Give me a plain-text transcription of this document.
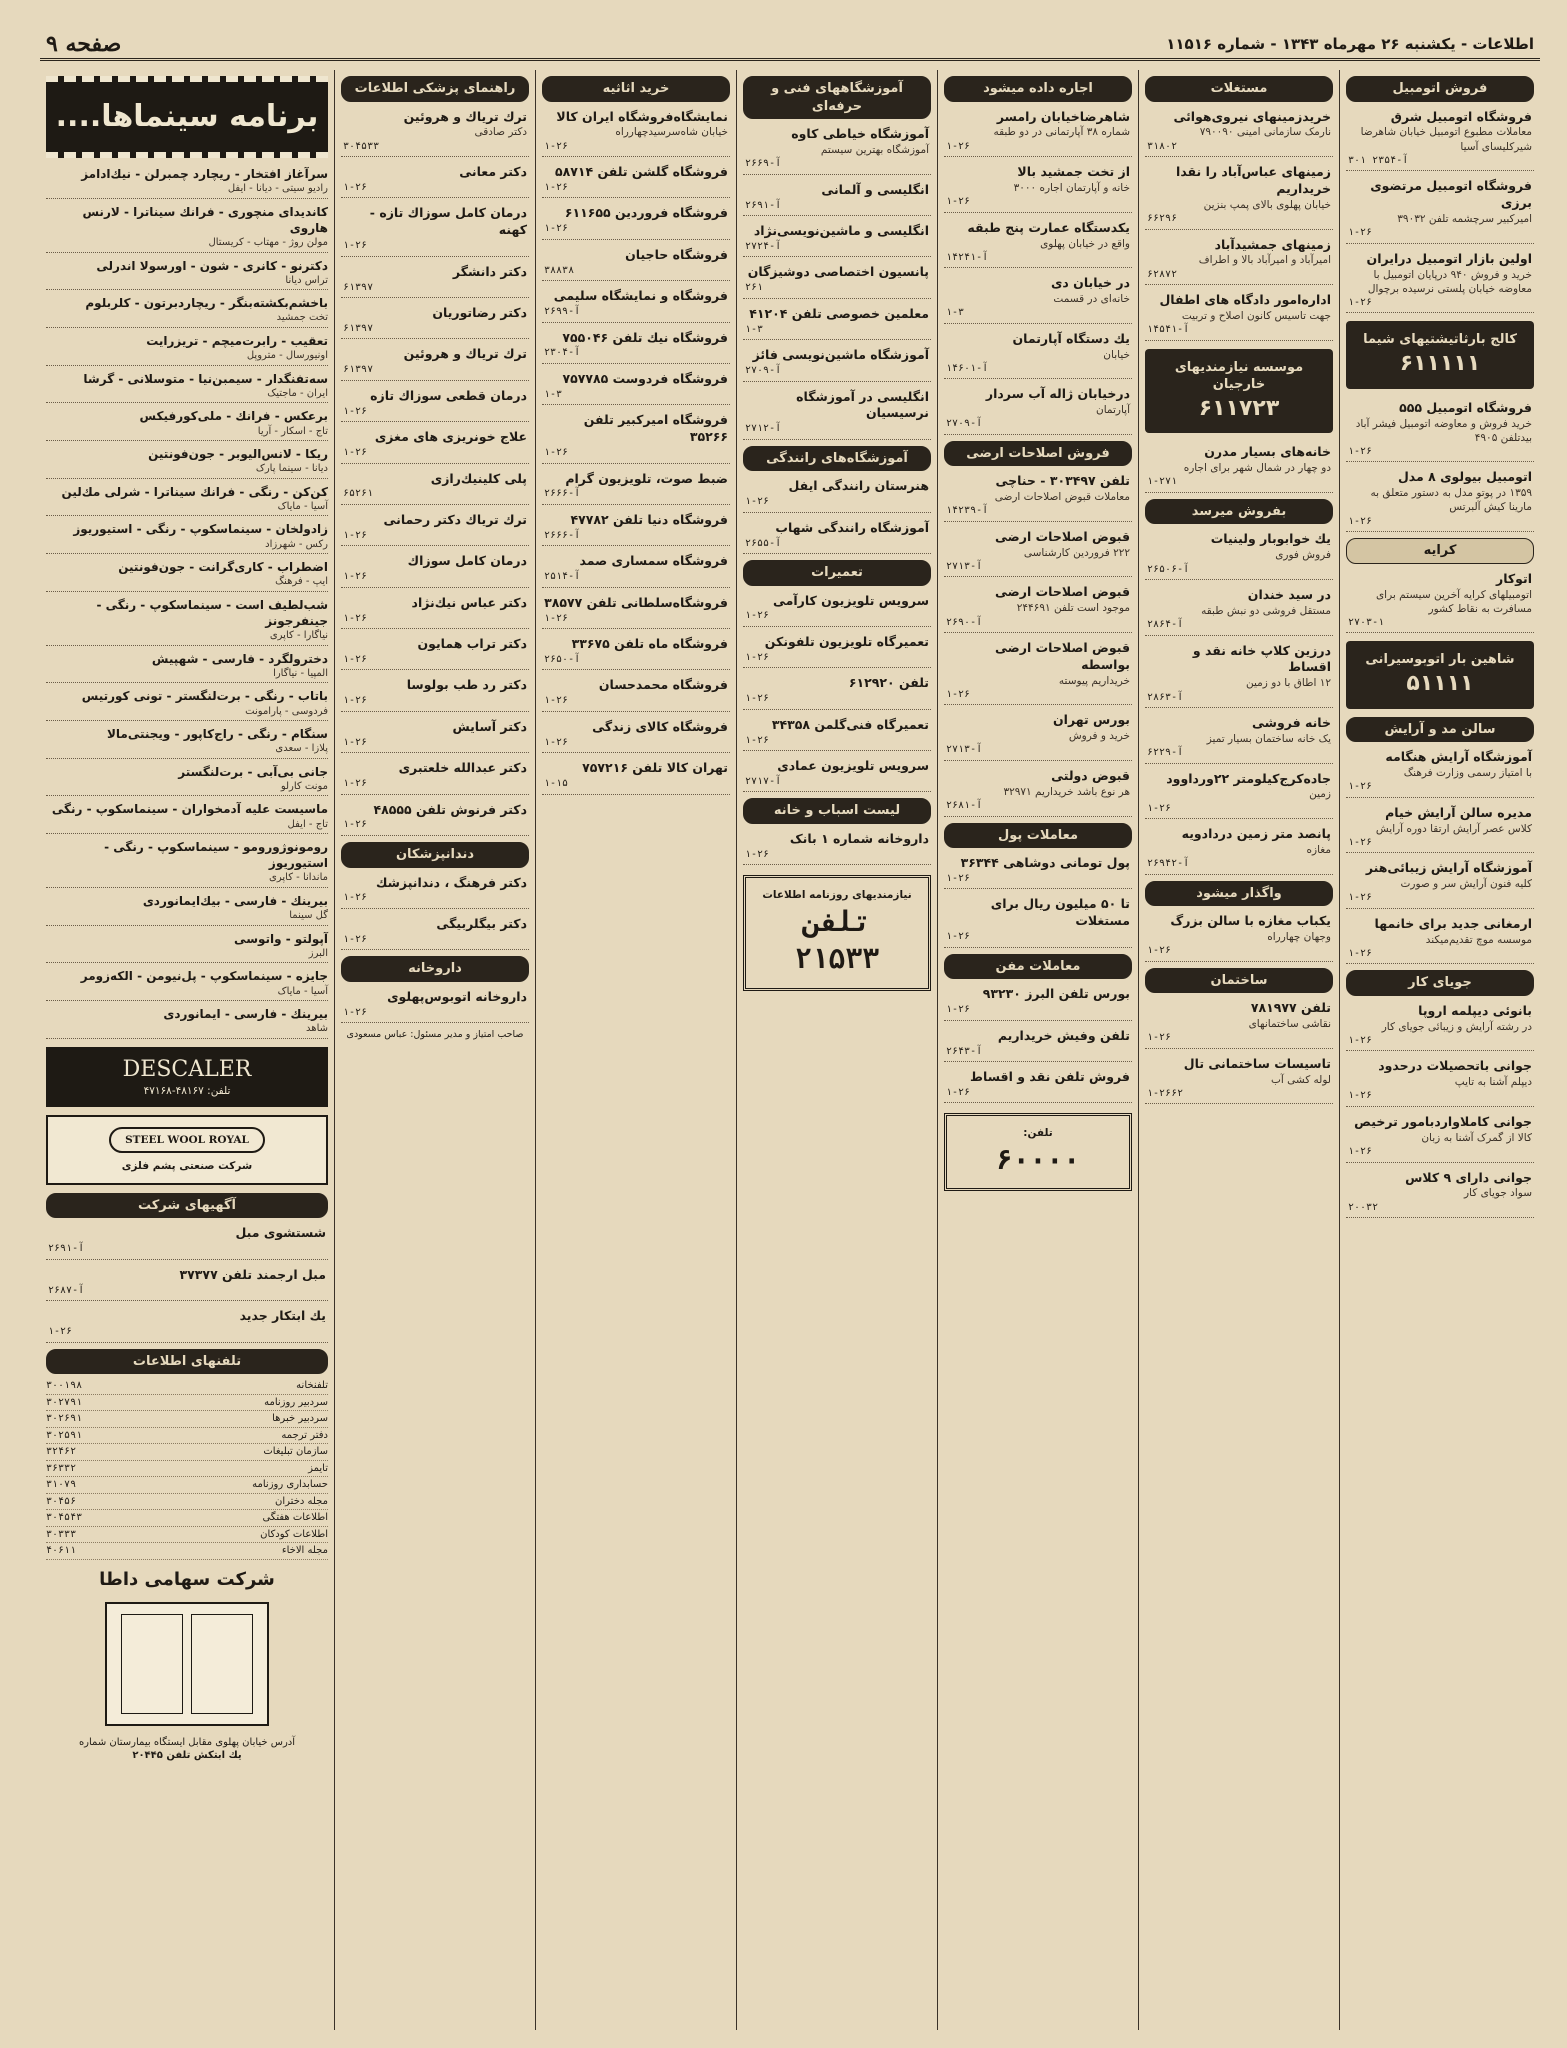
اطلاعات - یکشنبه ۲۶ مهرماه ۱۳۴۳ - شماره ۱۱۵۱۶
صفحه ۹
فروش اتومبیل
فروشگاه اتومبیل شرق
معاملات مطبوع اتومبیل خیابان شاهرضا شیرکلیسای آسیا
آ-۲۳۵۴ ۳۰۱
فروشگاه اتومبیل مرتضوی برزی
امیرکبیر سرچشمه تلفن ۳۹۰۳۲
۱-۲۶
اولین بازار اتومبیل درایران
خرید و فروش ۹۴۰ درپایان اتومبیل با معاوضه خیابان پلستی نرسیده برچوال
۱-۲۶
کالج بارثاتیشتیهای شیما
۶۱۱۱۱۱
فروشگاه اتومبیل ۵۵۵
خرید فروش و معاوضه اتومبیل فیشر آباد بیدتلفن ۴۹۰۵
۱-۲۶
اتومبیل بیولوی ۸ مدل
۱۳۵۹ در پوتو مدل به دستور متعلق به مارینا کیش آلبرتس
۱-۲۶
کرایه
اتوکار
اتومبیلهای کرایه آخرین سیستم برای مسافرت به نقاط کشور
۲۷۰۳-۱
شاهین بار اتوبوسیرانی
۵۱۱۱۱
سالن مد و آرایش
آموزشگاه آرایش هنگامه
با امتیاز رسمی وزارت فرهنگ
۱-۲۶
مدیره سالن آرایش خیام
کلاس عصر آرایش ارتقا دوره آرایش
۱-۲۶
آموزشگاه آرایش زیبائی‌هنر
کلیه فنون آرایش سر و صورت
۱-۲۶
ارمغانی جدید برای خانمها
موسسه موچ تقدیم‌میکند
۱-۲۶
جویای کار
بانوئی دیپلمه اروپا
در رشته آرایش و زیبائی جویای کار
۱-۲۶
جوانی باتحصیلات درحدود
دیپلم آشنا به تایپ
۱-۲۶
جوانی کاملاواردبامور ترخیص
کالا از گمرک آشنا به زبان
۱-۲۶
جوانی دارای ۹ کلاس
سواد جویای کار
۲۰۰۳۲
مستغلات
خریدزمینهای نیروی‌هوائی
نارمک سازمانی امینی ۷۹۰۰۹۰
۳۱۸۰۲
زمینهای عباس‌آباد را نقدا خریداریم
خیابان پهلوی بالای پمپ بنزین
۶۶۲۹۶
زمینهای جمشیدآباد
امیرآباد و امیرآباد بالا و اطراف
۶۲۸۷۲
اداره‌امور دادگاه های اطفال
جهت تاسیس کانون اصلاح و تربیت
۱۴۵۴۱-آ
موسسه نیازمندیهای خارجیان
۶۱۱۷۲۳
خانه‌های بسیار مدرن
دو چهار در شمال شهر برای اجاره
۱-۲۷۱
بفروش میرسد
یك خوابوبار ولینیات
فروش فوری
۲۶۵۰۶-آ
در سید خندان
مستقل فروشی دو نبش طبقه
۲۸۶۴-آ
درزین کلاپ خانه نقد و اقساط
۱۲ اطاق با دو زمین
۲۸۶۳-آ
خانه فروشی
یک خانه ساختمان بسیار تمیز
۶۲۲۹-آ
جاده‌کرج‌کیلومتر ۲۲ورداوود
زمین
۱-۲۶
پانصد متر زمین دردادویه
مغازه
۲۶۹۴۲-آ
واگذار میشود
یکباب مغازه با سالن بزرگ
وجهان چهارراه
۱-۲۶
ساختمان
تلفن ۷۸۱۹۷۷
نقاشی ساختمانهای
۱-۲۶
تاسیسات ساختمانی تال
لوله کشی آب
۱-۲۶۶۲
اجاره داده میشود
شاهرضاخیابان رامسر
شماره ۳۸ آپارتمانی در دو طبقه
۱-۲۶
از تخت جمشید بالا
خانه و آپارتمان اجاره ۳۰۰۰
۱-۲۶
یکدستگاه عمارت پنج طبقه
واقع در خیابان پهلوی
۱۴۲۴۱-آ
در خیابان دی
خانه‌ای در قسمت
۱-۳
یك دستگاه آپارتمان
خیابان
۱۴۶۰۱-آ
درخیابان ژاله آب سردار
آپارتمان
۲۷۰۹-آ
فروش اصلاحات ارضی
تلفن ۳۰۳۴۹۷ - حناچی
معاملات قبوض اصلاحات ارضی
۱۴۲۳۹-آ
قبوض اصلاحات ارضی
۲۲۲ فروردین کارشناسی
۲۷۱۳-آ
قبوض اصلاحات ارضی
موجود است تلفن ۲۴۴۶۹۱
۲۶۹۰-آ
قبوض اصلاحات ارضی بواسطه
خریداریم پیوسته
۱-۲۶
بورس تهران
خرید و فروش
۲۷۱۳-آ
قبوض دولتی
هر نوع باشد خریداریم ۳۲۹۷۱
۲۶۸۱-آ
معاملات پول
پول تومانی دوشاهی ۳۶۳۴۴
۱-۲۶
تا ۵۰ میلیون ریال برای مستغلات
۱-۲۶
معاملات مفن
بورس تلفن البرز ۹۳۲۳۰
۱-۲۶
تلفن وفیش خریداریم
۲۶۴۳-آ
فروش تلفن نقد و اقساط
۱-۲۶
تلفن:
۶۰۰۰۰
آموزشگاههای فنی و حرفه‌ای
آموزشگاه خیاطی کاوه
آموزشگاه بهترین سیستم
۲۶۶۹-آ
انگلیسی و آلمانی
۲۶۹۱-آ
انگلیسی و ماشین‌نویسی‌نژاد
۲۷۲۴-آ
پانسیون اختصاصی دوشیزگان
۲۶۱
معلمین خصوصی تلفن ۴۱۲۰۴
۱-۳
آموزشگاه ماشین‌نویسی فائز
۲۷۰۹-آ
انگلیسی در آموزشگاه نرسیسیان
۲۷۱۲-آ
آموزشگاه‌های رانندگی
هنرستان رانندگی ایفل
۱-۲۶
آموزشگاه رانندگی شهاب
۲۶۵۵-آ
تعمیرات
سرویس تلویزیون کارآمی
۱-۲۶
تعمیرگاه تلویزیون تلفونکن
۱-۲۶
تلفن ۶۱۲۹۲۰
۱-۲۶
تعمیرگاه فنی‌گلمن ۳۴۳۵۸
۱-۲۶
سرویس تلویزیون عمادی
۲۷۱۷-آ
لیست اسباب و خانه
داروخانه شماره ۱ بانک
۱-۲۶
نیازمندیهای روزنامه اطلاعات
تلفن ۲۱۵۳۳
خرید اثاثیه
نمایشگاه‌فروشگاه ایران کالا
خیابان شاه‌سرسید‌چهارراه
۱-۲۶
فروشگاه گلشن تلفن ۵۸۷۱۴
۱-۲۶
فروشگاه فروردین ۶۱۱۶۵۵
۱-۲۶
فروشگاه حاجیان
۳۸۸۳۸
فروشگاه و نمایشگاه سلیمی
۲۶۹۹-آ
فروشگاه نیك تلفن ۷۵۵۰۴۶
۲۳۰۴-آ
فروشگاه فردوست ۷۵۷۷۸۵
۱-۳
فروشگاه امیرکبیر تلفن ۳۵۲۶۶
۱-۲۶
ضبط صوت، تلویزیون گرام
۲۶۶۶-آ
فروشگاه دنیا تلفن ۴۷۷۸۲
۲۶۶۶-آ
فروشگاه سمساری صمد
۲۵۱۴-آ
فروشگاه‌سلطانی تلفن ۳۸۵۷۷
۱-۲۶
فروشگاه ماه تلفن ۳۳۶۷۵
۲۶۵۰-آ
فروشگاه محمدحسان
۱-۲۶
فروشگاه کالای زندگی
۱-۲۶
تهران کالا تلفن ۷۵۷۲۱۶
۱-۱۵
راهنمای پزشکی اطلاعات
ترك ترياك و هروئين
دکتر صادقی
۳۰۴۵۳۳
دکتر معانی
۱-۲۶
درمان کامل سوزاك تازه - کهنه
۱-۲۶
دکتر دانشگر
۶۱۳۹۷
دکتر رضاتوریان
۶۱۳۹۷
ترك ترياك و هروئين
۶۱۳۹۷
درمان قطعی سوزاك تازه
۱-۲۶
علاج خونریزی های مغزی
۱-۲۶
پلی کلینیك‌رازی
۶۵۲۶۱
ترك ترياك دکتر رحمانی
۱-۲۶
درمان کامل سوزاك
۱-۲۶
دکتر عباس نیك‌نژاد
۱-۲۶
دکتر تراب همایون
۱-۲۶
دکتر رد طب بولوسا
۱-۲۶
دکتر آسایش
۱-۲۶
دکتر عبدالله خلعتبری
۱-۲۶
دکتر فرنوش تلفن ۴۸۵۵۵
۱-۲۶
دندانپزشکان
دکتر فرهنگ ، دندانپزشك
۱-۲۶
دکتر بیگلربیگی
۱-۲۶
داروخانه
داروخانه اتوبوس‌پهلوی
۱-۲۶
صاحب امتیاز و مدیر مسئول: عباس مسعودی
برنامه سینماها....
سرآغاز افتخار - ریچارد چمبرلن - نیك‌ادامز
رادیو سیتی - دیانا - ایفل
کاندیدای منچوری - فرانك سیناترا - لارنس هاروی
مولن روژ - مهتاب - کریستال
دکترنو - کانری - شون - اورسولا اندرلی
تراس دیانا
باخشم‌بکشته‌بنگر - ریچاردبرتون - کلربلوم
تخت جمشید
تعقیب - رابرت‌میچم - تریزرایت
اونیورسال - متروپل
سه‌تفنگدار - سیمبن‌نیا - متوسلانی - گرشا
ایران - ماجتیک
برعکس - فرانك - ملی‌کورفیکس
تاج - اسکار - آریا
ریکا - لانس‌الیوبر - جون‌فونتین
دیانا - سینما پارک
کن‌کن - رنگی - فرانك سیناترا - شرلی مك‌لین
آسیا - مایاک
زادولخان - سینماسکوپ - رنگی - استیوریوز
رکس - شهرزاد
اضطراب - کاری‌گرانت - جون‌فونتین
ایپ - فرهنگ
شب‌لطیف است - سینماسکوپ - رنگی - جینفرجونز
نیاگارا - کاپری
دخترولگرد - فارسی - شهپیش
المپیا - نیاگارا
باتاب - رنگی - برت‌لنگستر - تونی کورتیس
فردوسی - پارامونت
سنگام - رنگی - راج‌کاپور - ویجنتی‌مالا
پلازا - سعدی
جانی بی‌آبی - برت‌لنگستر
مونت کارلو
ماسیست علیه آدمخواران - سینماسکوپ - رنگی
تاج - ایفل
رومونوژورومو - سینماسکوپ - رنگی - استیوریوز
ماندانا - کاپری
بیرینك - فارسی - بیك‌ایمانوردی
گل سینما
آپولتو - واتوسی
البرز
جایزه - سینماسکوپ - پل‌نیومن - الکه‌زومر
آسیا - مایاک
بیرینك - فارسی - ایمانوردی
شاهد
DESCALER
تلفن: ۴۸۱۶۷-۴۷۱۶۸
STEEL WOOL ROYAL
شرکت صنعتی پشم فلزی
آگهیهای شرکت
شستشوی مبل
۲۶۹۱-آ
مبل ارجمند تلفن ۳۷۳۷۷
۲۶۸۷-آ
یك ابتكار جدید
۱-۲۶
تلفنهای اطلاعات
تلفنخانه
۳۰۰۱۹۸
سردبیر روزنامه
۳۰۲۷۹۱
سردبیر خبرها
۳۰۲۶۹۱
دفتر ترجمه
۳۰۲۵۹۱
سازمان تبلیغات
۳۲۴۶۲
تایمز
۳۶۳۳۲
حسابداری روزنامه
۳۱۰۷۹
مجله دختران
۳۰۴۵۶
اطلاعات هفتگی
۳۰۴۵۴۳
اطلاعات کودکان
۳۰۳۳۳
مجله الاخاء
۴۰۶۱۱
شرکت سهامی داطا
آدرس خیابان پهلوی مقابل ایستگاه بیمارستان شماره
یك ابتکش تلفن ۲۰۴۴۵
